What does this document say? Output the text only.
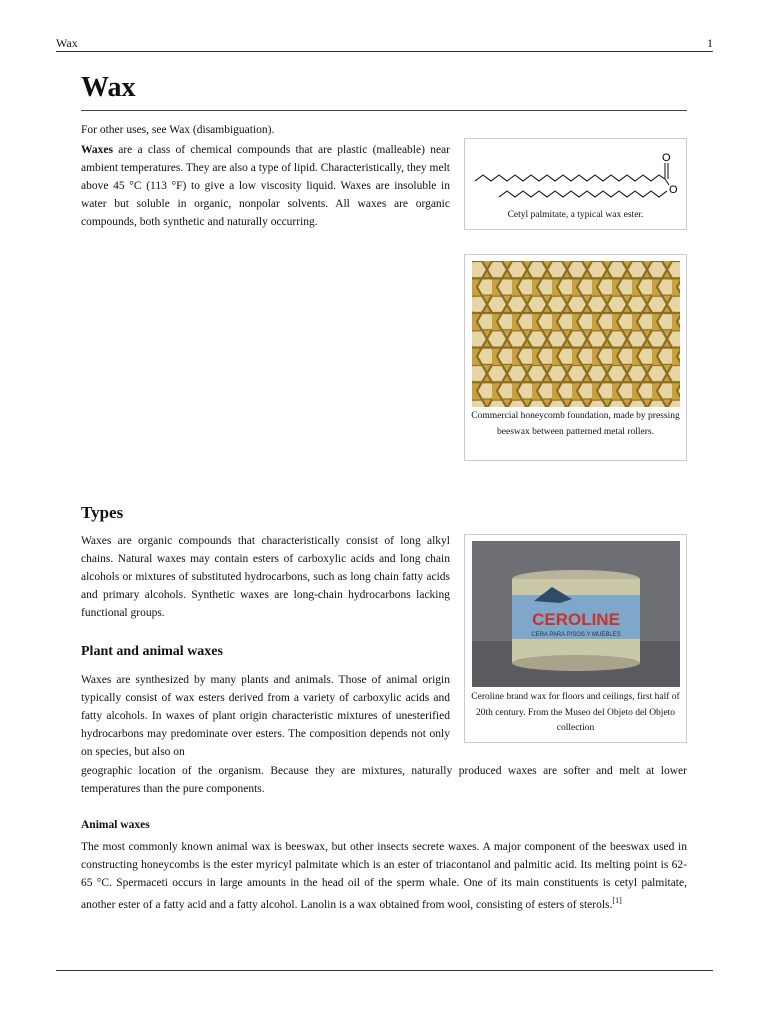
Wax	1
Wax

For other uses, see Wax (disambiguation).

Waxes are a class of chemical compounds that are plastic (malleable) near ambient temperatures. They are also a type of lipid. Characteristically, they melt above 45 °C (113 °F) to give a low viscosity liquid. Waxes are insoluble in water but soluble in organic, nonpolar solvents. All waxes are organic compounds, both synthetic and naturally occurring.

O
O
Cetyl palmitate, a typical wax ester.
Commercial honeycomb foundation, made by pressing beeswax between patterned metal rollers.
Types

Waxes are organic compounds that characteristically consist of long alkyl chains. Natural waxes may contain esters of carboxylic acids and long chain alcohols or mixtures of substituted hydrocarbons, such as long chain fatty acids and primary alcohols. Synthetic waxes are long-chain hydrocarbons lacking functional groups.	CEROLINE
CERA PARA PISOS Y MUEBLES
Ceroline brand wax for floors and ceilings, first half of 20th century. From the Museo del Objeto del Objeto collection
Plant and animal waxes

Waxes are synthesized by many plants and animals. Those of animal origin typically consist of wax esters derived from a variety of carboxylic acids and fatty alcohols. In waxes of plant origin characteristic mixtures of unesterified hydrocarbons may predominate over esters. The composition depends not only on species, but also on

geographic location of the organism. Because they are mixtures, naturally produced waxes are softer and melt at lower temperatures than the pure components.

Animal waxes

The most commonly known animal wax is beeswax, but other insects secrete waxes. A major component of the beeswax used in constructing honeycombs is the ester myricyl palmitate which is an ester of triacontanol and palmitic acid. Its melting point is 62-65 °C. Spermaceti occurs in large amounts in the head oil of the sperm whale. One of its main constituents is cetyl palmitate, another ester of a fatty acid and a fatty alcohol. Lanolin is a wax obtained from wool, consisting of esters of sterols.[1]
